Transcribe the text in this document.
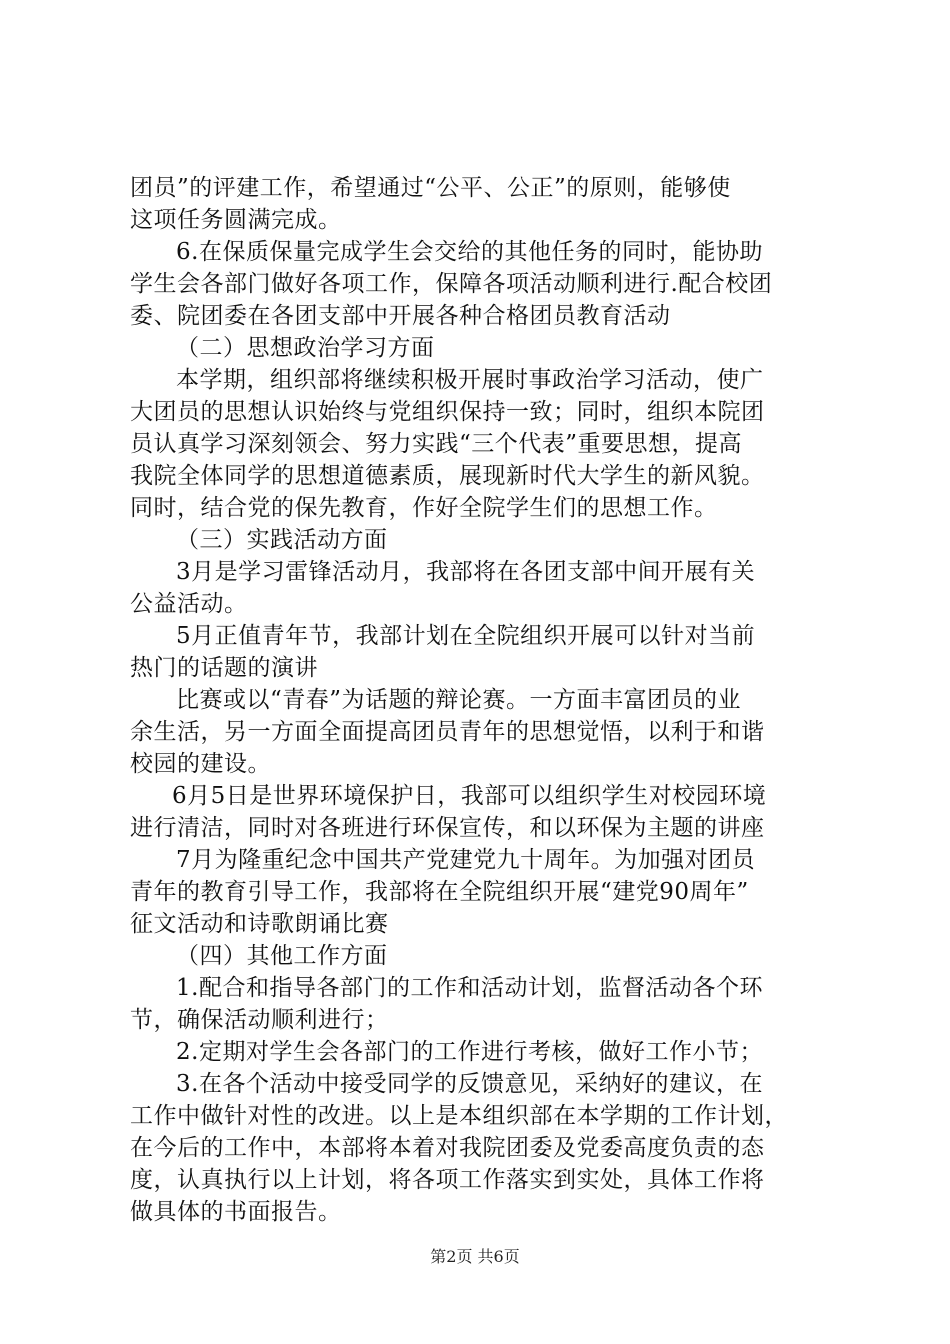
团员”的评建工作，希望通过“公平、公正”的原则，能够使
这项任务圆满完成。
6.在保质保量完成学生会交给的其他任务的同时，能协助
学生会各部门做好各项工作，保障各项活动顺利进行.配合校团
委、院团委在各团支部中开展各种合格团员教育活动
（二）思想政治学习方面
本学期，组织部将继续积极开展时事政治学习活动，使广
大团员的思想认识始终与党组织保持一致；同时，组织本院团
员认真学习深刻领会、努力实践“三个代表”重要思想，提高
我院全体同学的思想道德素质，展现新时代大学生的新风貌。
同时，结合党的保先教育，作好全院学生们的思想工作。
（三）实践活动方面
3月是学习雷锋活动月，我部将在各团支部中间开展有关
公益活动。
5月正值青年节，我部计划在全院组织开展可以针对当前
热门的话题的演讲
比赛或以“青春”为话题的辩论赛。一方面丰富团员的业
余生活，另一方面全面提高团员青年的思想觉悟，以利于和谐
校园的建设。
6月5日是世界环境保护日，我部可以组织学生对校园环境
进行清洁，同时对各班进行环保宣传，和以环保为主题的讲座
7月为隆重纪念中国共产党建党九十周年。为加强对团员
青年的教育引导工作，我部将在全院组织开展“建党90周年”
征文活动和诗歌朗诵比赛
（四）其他工作方面
1.配合和指导各部门的工作和活动计划，监督活动各个环
节，确保活动顺利进行；
2.定期对学生会各部门的工作进行考核，做好工作小节；
3.在各个活动中接受同学的反馈意见，采纳好的建议，在
工作中做针对性的改进。以上是本组织部在本学期的工作计划，
在今后的工作中，本部将本着对我院团委及党委高度负责的态
度，认真执行以上计划，将各项工作落实到实处，具体工作将
做具体的书面报告。
第2页 共6页
